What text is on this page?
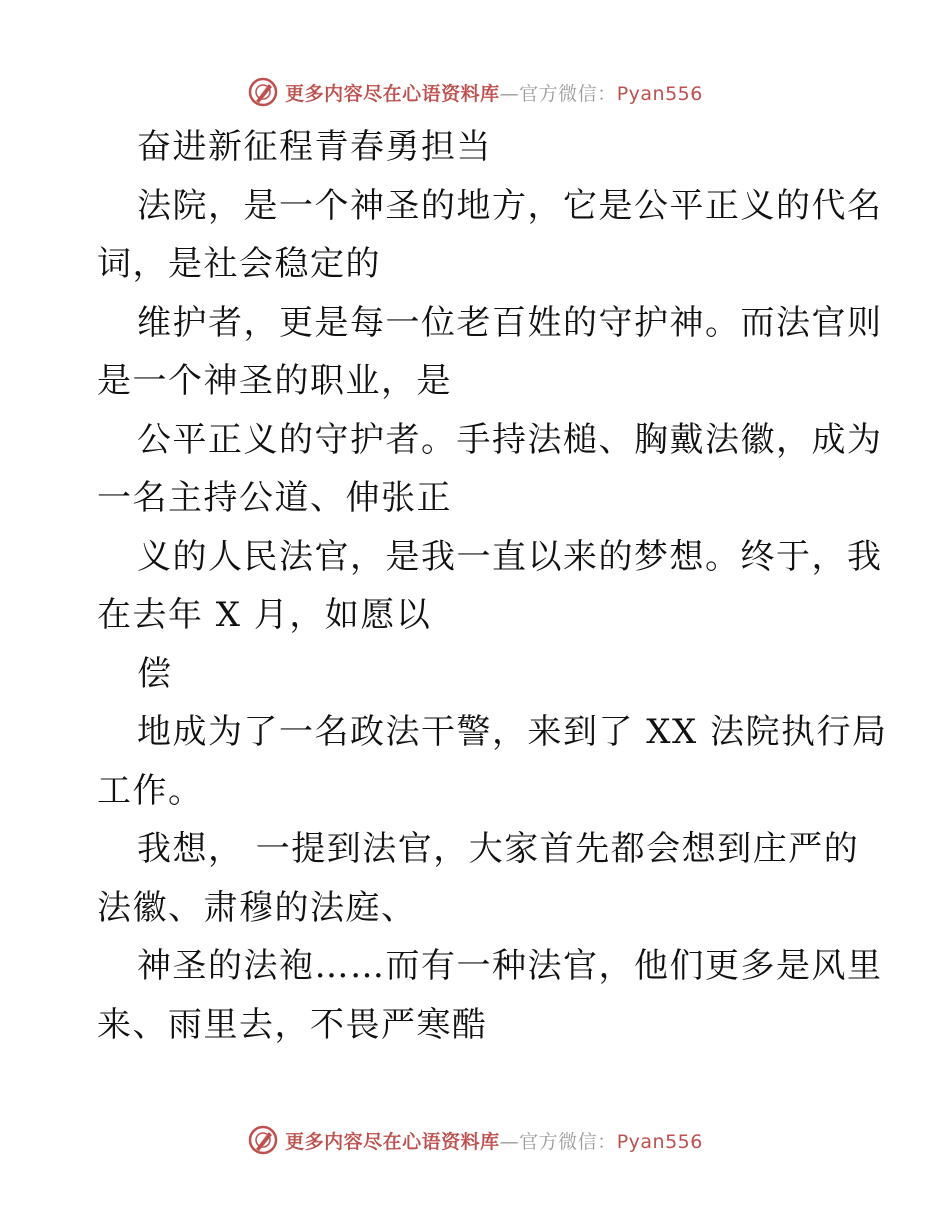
更多内容尽在心语资料库—官方微信：Pyan556
奋进新征程青春勇担当
法院，是一个神圣的地方，它是公平正义的代名
词，是社会稳定的
维护者，更是每一位老百姓的守护神。而法官则
是一个神圣的职业，是
公平正义的守护者。手持法槌、胸戴法徽，成为
一名主持公道、伸张正
义的人民法官，是我一直以来的梦想。终于，我
在去年 X 月，如愿以
偿
地成为了一名政法干警，来到了 XX 法院执行局
工作。
我想， 一提到法官，大家首先都会想到庄严的
法徽、肃穆的法庭、
神圣的法袍……而有一种法官，他们更多是风里
来、雨里去，不畏严寒酷
更多内容尽在心语资料库—官方微信：Pyan556
